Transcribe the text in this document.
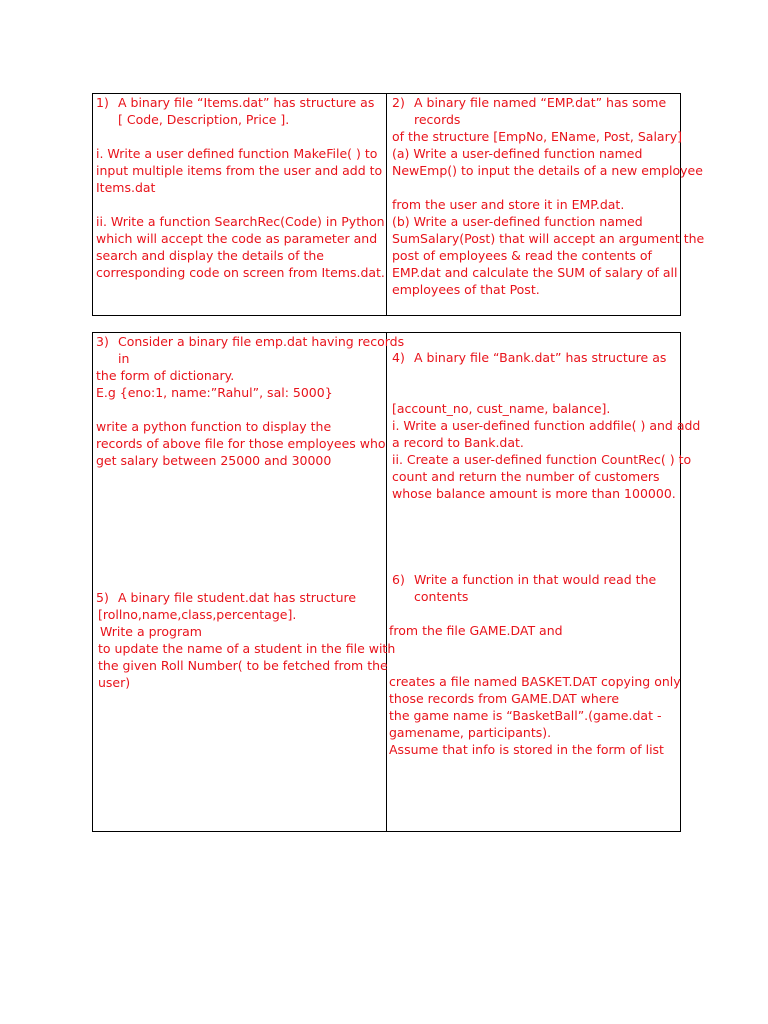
1) A binary file “Items.dat” has structure as
[ Code, Description, Price ].
i. Write a user defined function MakeFile( ) to
input multiple items from the user and add to
Items.dat
ii. Write a function SearchRec(Code) in Python
which will accept the code as parameter and
search and display the details of the
corresponding code on screen from Items.dat.
2) A binary file named “EMP.dat” has some
records
of the structure [EmpNo, EName, Post, Salary]
(a) Write a user-defined function named
NewEmp() to input the details of a new employee
from the user and store it in EMP.dat.
(b) Write a user-defined function named
SumSalary(Post) that will accept an argument the
post of employees & read the contents of
EMP.dat and calculate the SUM of salary of all
employees of that Post.
3) Consider a binary file emp.dat having records
in
the form of dictionary.
E.g {eno:1, name:”Rahul”, sal: 5000}
write a python function to display the
records of above file for those employees who
get salary between 25000 and 30000
4) A binary file “Bank.dat” has structure as
[account_no, cust_name, balance].
i. Write a user-defined function addfile( ) and add
a record to Bank.dat.
ii. Create a user-defined function CountRec( ) to
count and return the number of customers
whose balance amount is more than 100000.
5) A binary file student.dat has structure
[rollno,name,class,percentage].
Write a program
to update the name of a student in the file with
the given Roll Number( to be fetched from the
user)
6) Write a function in that would read the
contents
from the file GAME.DAT and
creates a file named BASKET.DAT copying only
those records from GAME.DAT where
the game name is “BasketBall”.(game.dat -
gamename, participants).
Assume that info is stored in the form of list
